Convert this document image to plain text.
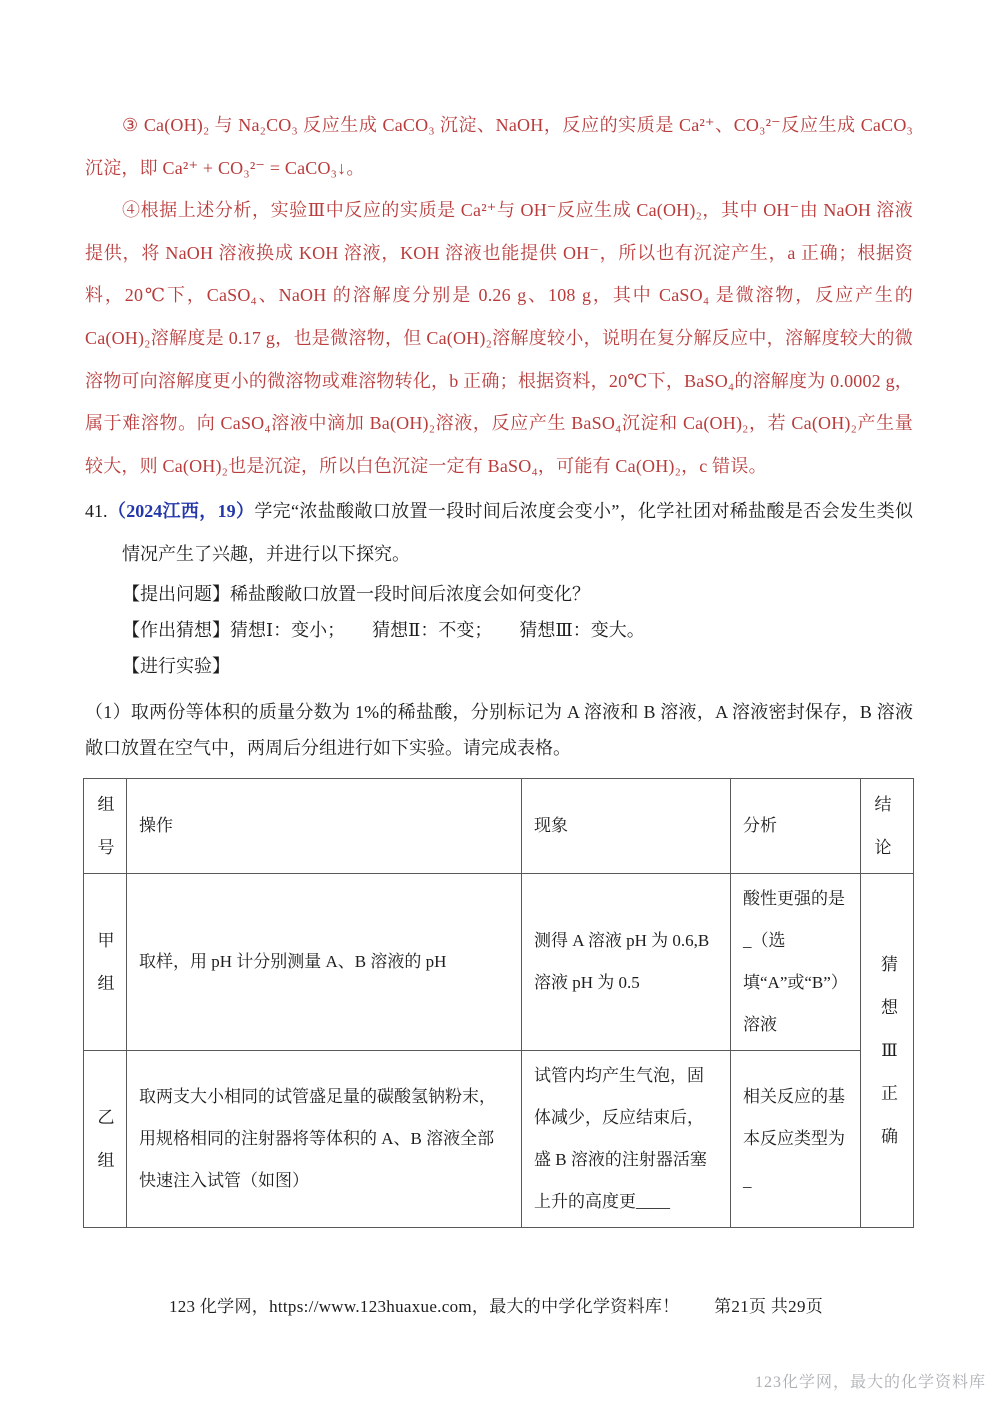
③ Ca(OH)₂ 与 Na₂CO₃ 反应生成 CaCO₃ 沉淀、NaOH，反应的实质是 Ca²⁺、CO₃²⁻反应生成 CaCO₃ 沉淀，即 Ca²⁺ + CO₃²⁻ = CaCO₃↓。

④根据上述分析，实验Ⅲ中反应的实质是 Ca²⁺与 OH⁻反应生成 Ca(OH)₂，其中 OH⁻由 NaOH 溶液提供，将 NaOH 溶液换成 KOH 溶液，KOH 溶液也能提供 OH⁻，所以也有沉淀产生，a 正确；根据资料，20℃下，CaSO₄、NaOH 的溶解度分别是 0.26 g、108 g，其中 CaSO₄ 是微溶物，反应产生的 Ca(OH)₂溶解度是 0.17 g，也是微溶物，但 Ca(OH)₂溶解度较小，说明在复分解反应中，溶解度较大的微溶物可向溶解度更小的微溶物或难溶物转化，b 正确；根据资料，20℃下，BaSO₄的溶解度为 0.0002 g，属于难溶物。向 CaSO₄溶液中滴加 Ba(OH)₂溶液，反应产生 BaSO₄沉淀和 Ca(OH)₂，若 Ca(OH)₂产生量较大，则 Ca(OH)₂也是沉淀，所以白色沉淀一定有 BaSO₄，可能有 Ca(OH)₂，c 错误。

41.（2024江西，19）学完“浓盐酸敞口放置一段时间后浓度会变小”，化学社团对稀盐酸是否会发生类似情况产生了兴趣，并进行以下探究。

【提出问题】稀盐酸敞口放置一段时间后浓度会如何变化？

【作出猜想】猜想Ⅰ：变小；　　猜想Ⅱ：不变；　　猜想Ⅲ：变大。

【进行实验】

（1）取两份等体积的质量分数为 1%的稀盐酸，分别标记为 A 溶液和 B 溶液，A 溶液密封保存，B 溶液敞口放置在空气中，两周后分组进行如下实验。请完成表格。

组号	操作	现象	分析	结论
甲组	取样，用 pH 计分别测量 A、B 溶液的 pH	测得 A 溶液 pH 为 0.6,B 溶液 pH 为 0.5	酸性更强的是_（选填“A”或“B”）溶液	猜想Ⅲ正确
乙组	取两支大小相同的试管盛足量的碳酸氢钠粉末，用规格相同的注射器将等体积的 A、B 溶液全部快速注入试管（如图）	试管内均产生气泡，固体减少，反应结束后，盛 B 溶液的注射器活塞上升的高度更____	相关反应的基本反应类型为_	
123 化学网，https://www.123huaxue.com，最大的中学化学资料库！　　第21页 共29页
123化学网，最大的化学资料库
